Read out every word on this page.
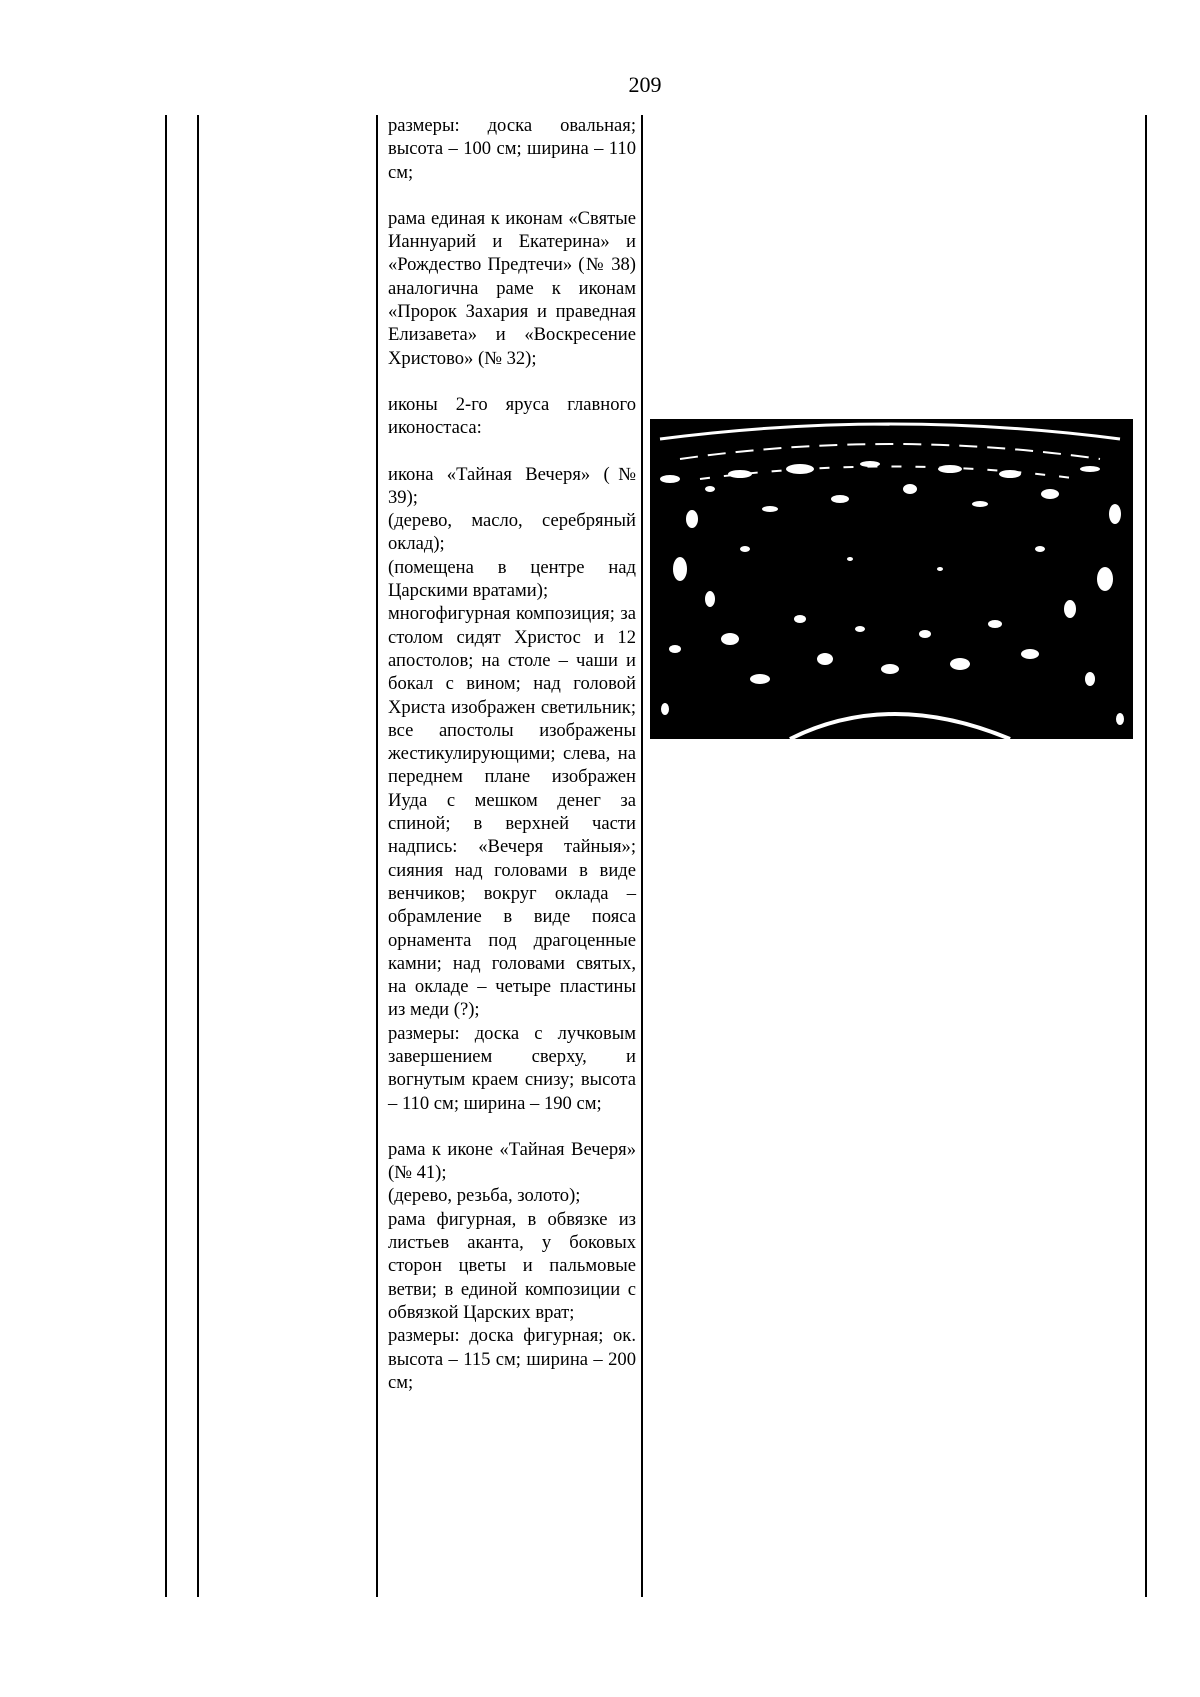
209

размеры: доска овальная; высота – 100 см; ширина – 110 см;

рама единая к иконам «Святые Ианнуарий и Екатерина» и «Рождество Предтечи» (№ 38) аналогична раме к иконам «Пророк Захария и праведная Елизавета» и «Воскресение Христово» (№ 32);

иконы 2-го яруса главного иконостаса:

икона «Тайная Вечеря» (№ 39);
(дерево, масло, серебряный оклад);
(помещена в центре над Царскими вратами);
многофигурная композиция; за столом сидят Христос и 12 апостолов; на столе – чаши и бокал с вином; над головой Христа изображен светильник; все апостолы изображены жестикулирующими; слева, на переднем плане изображен Иуда с мешком денег за спиной; в верхней части надпись: «Вечеря тайныя»; сияния над головами в виде венчиков; вокруг оклада – обрамление в виде пояса орнамента под драгоценные камни; над головами святых, на окладе – четыре пластины из меди (?);
размеры: доска с лучковым завершением сверху, и вогнутым краем снизу; высота – 110 см; ширина – 190 см;

рама к иконе «Тайная Вечеря» (№ 41);
(дерево, резьба, золото);
рама фигурная, в обвязке из листьев аканта, у боковых сторон цветы и пальмовые ветви; в единой композиции с обвязкой Царских врат;
размеры: доска фигурная; ок. высота – 115 см; ширина – 200 см;
